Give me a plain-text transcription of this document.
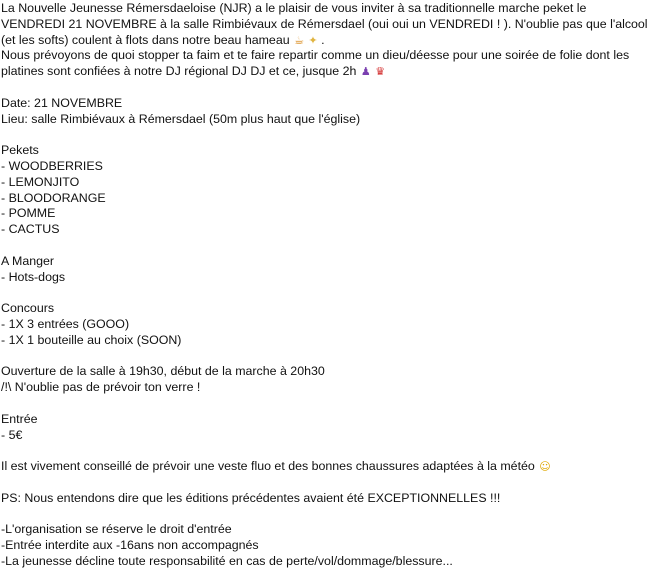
La Nouvelle Jeunesse Rémersdaeloise (NJR) a le plaisir de vous inviter à sa traditionnelle marche peket le
VENDREDI 21 NOVEMBRE à la salle Rimbiévaux de Rémersdael (oui oui un VENDREDI ! ). N'oublie pas que l'alcool
(et les softs) coulent à flots dans notre beau hameau ☕ ✦ .
Nous prévoyons de quoi stopper ta faim et te faire repartir comme un dieu/déesse pour une soirée de folie dont les
platines sont confiées à notre DJ régional DJ DJ et ce, jusque 2h ♟ ♛
Date: 21 NOVEMBRE
Lieu: salle Rimbiévaux à Rémersdael (50m plus haut que l'église)
Pekets
- WOODBERRIES
- LEMONJITO
- BLOODORANGE
- POMME
- CACTUS
A Manger
- Hots-dogs
Concours
- 1X 3 entrées (GOOO)
- 1X 1 bouteille au choix (SOON)
Ouverture de la salle à 19h30, début de la marche à 20h30
/!\ N'oublie pas de prévoir ton verre !
Entrée
- 5€
Il est vivement conseillé de prévoir une veste fluo et des bonnes chaussures adaptées à la météo ☺
PS: Nous entendons dire que les éditions précédentes avaient été EXCEPTIONNELLES !!!
-L'organisation se réserve le droit d'entrée
-Entrée interdite aux -16ans non accompagnés
-La jeunesse décline toute responsabilité en cas de perte/vol/dommage/blessure...
